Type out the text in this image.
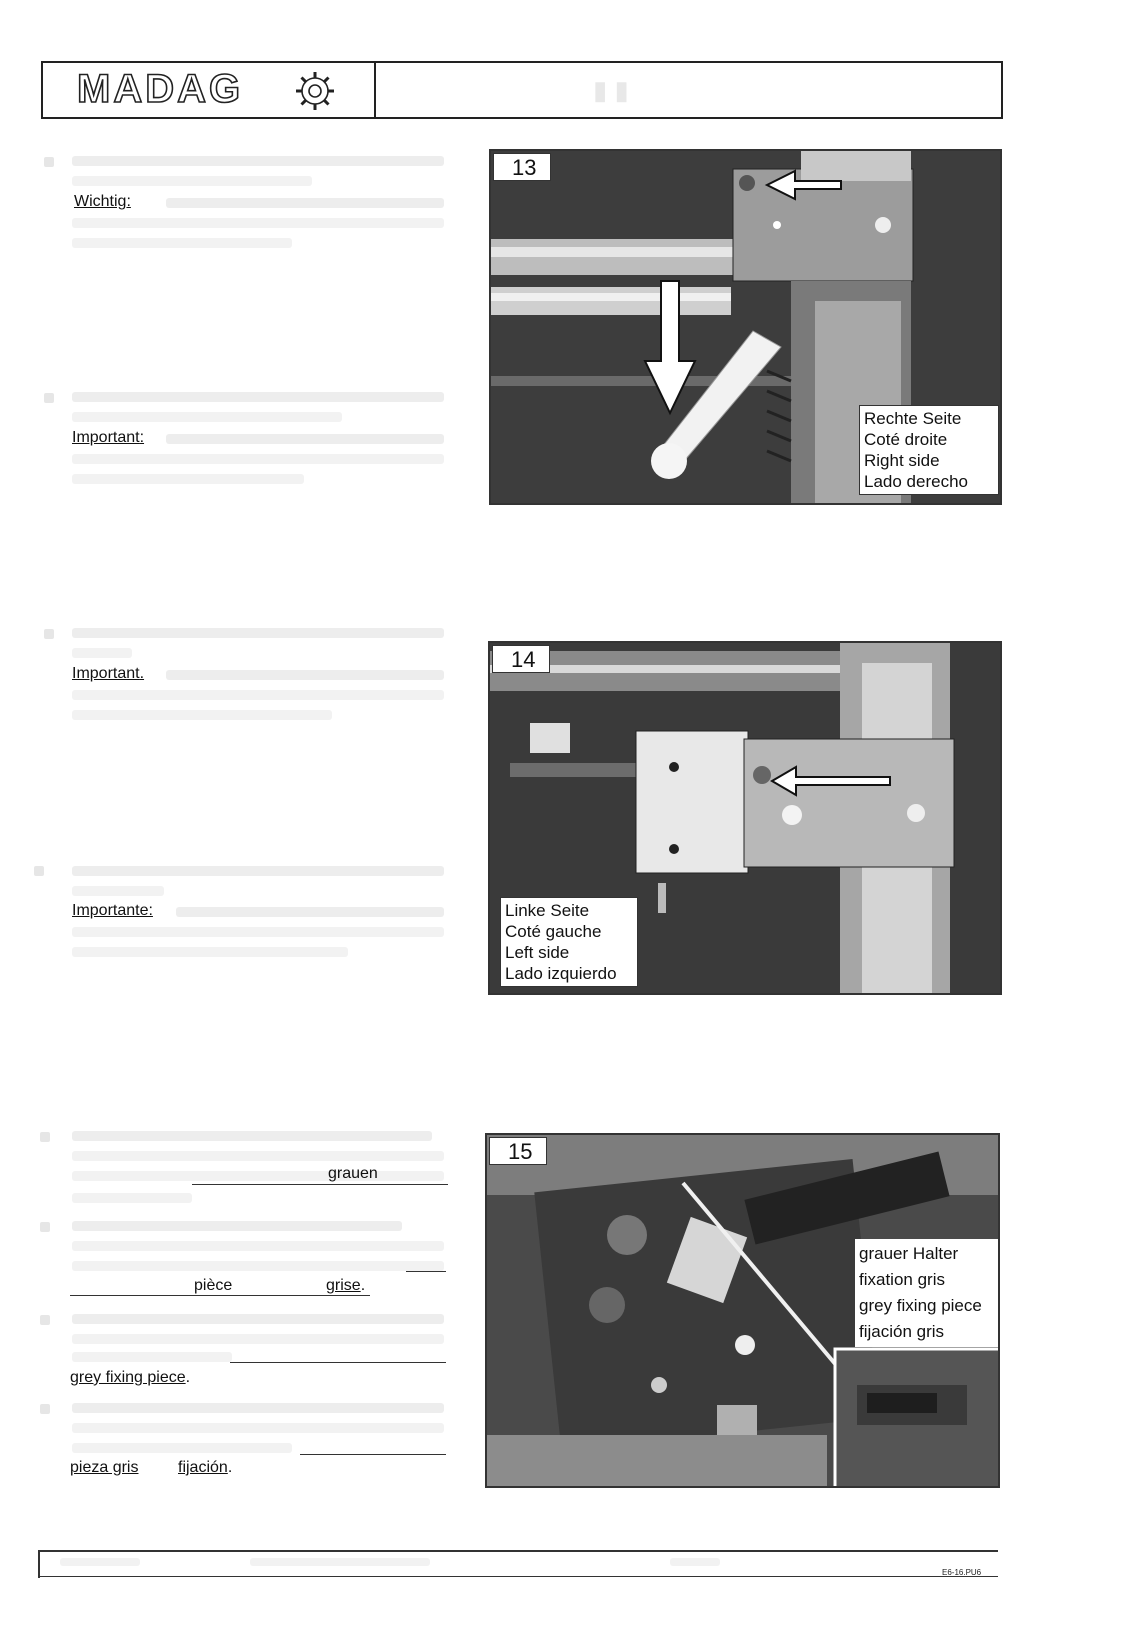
MADAG	▮ ▮
Wichtig:
Important:
Important.
Importante:
grauen
pièce	grise.
grey fixing piece.
pieza gris fijación.
13
Rechte Seite
Coté droite
Right side
Lado derecho
14
Linke Seite
Coté gauche
Left side
Lado izquierdo
15
grauer Halter
fixation gris
grey fixing piece
fijación gris
E6-16.PU6
